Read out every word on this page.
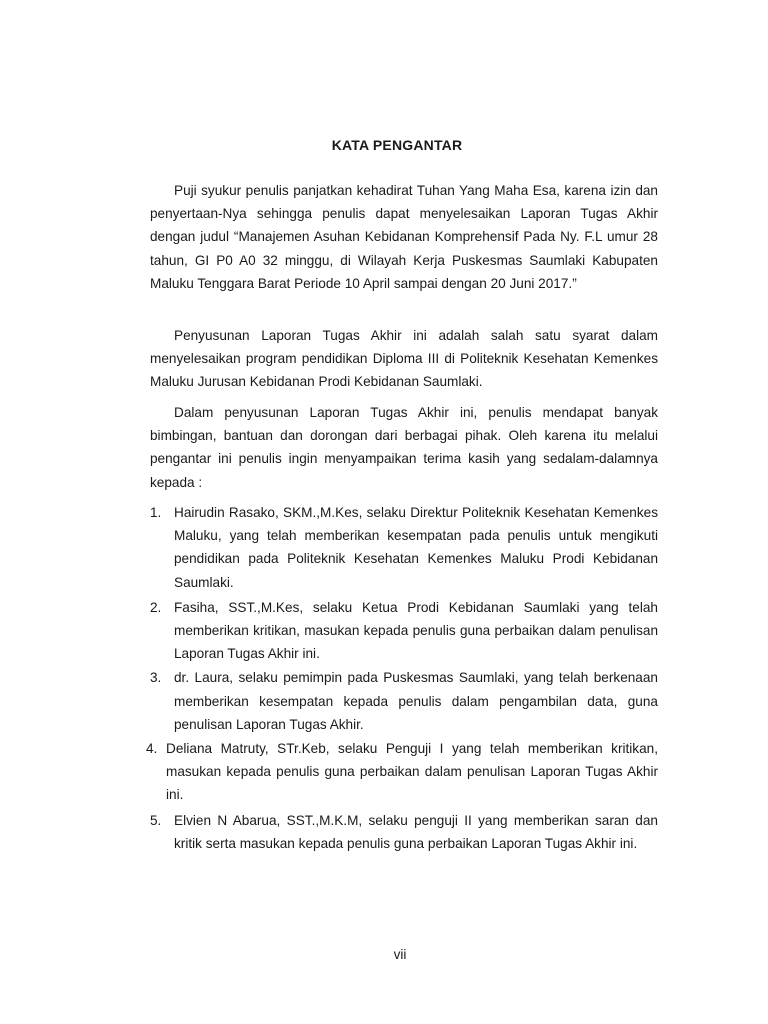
KATA PENGANTAR

Puji syukur penulis panjatkan kehadirat Tuhan Yang Maha Esa, karena izin dan penyertaan-Nya sehingga penulis dapat menyelesaikan Laporan Tugas Akhir dengan judul “Manajemen Asuhan Kebidanan Komprehensif Pada Ny. F.L umur 28 tahun, GI P0 A0 32 minggu, di Wilayah Kerja Puskesmas Saumlaki Kabupaten Maluku Tenggara Barat Periode 10 April sampai dengan 20 Juni 2017.”

Penyusunan Laporan Tugas Akhir ini adalah salah satu syarat dalam menyelesaikan program pendidikan Diploma III di Politeknik Kesehatan Kemenkes Maluku Jurusan Kebidanan Prodi Kebidanan Saumlaki.

Dalam penyusunan Laporan Tugas Akhir ini, penulis mendapat banyak bimbingan, bantuan dan dorongan dari berbagai pihak. Oleh karena itu melalui pengantar ini penulis ingin menyampaikan terima kasih yang sedalam-dalamnya kepada :

1. Hairudin Rasako, SKM.,M.Kes, selaku Direktur Politeknik Kesehatan Kemenkes Maluku, yang telah memberikan kesempatan pada penulis untuk mengikuti pendidikan pada Politeknik Kesehatan Kemenkes Maluku Prodi Kebidanan Saumlaki.
2. Fasiha, SST.,M.Kes, selaku Ketua Prodi Kebidanan Saumlaki yang telah memberikan kritikan, masukan kepada penulis guna perbaikan dalam penulisan Laporan Tugas Akhir ini.
3. dr. Laura, selaku pemimpin pada Puskesmas Saumlaki, yang telah berkenaan memberikan kesempatan kepada penulis dalam pengambilan data, guna penulisan Laporan Tugas Akhir.
4. Deliana Matruty, STr.Keb, selaku Penguji I yang telah memberikan kritikan, masukan kepada penulis guna perbaikan dalam penulisan Laporan Tugas Akhir ini.
5. Elvien N Abarua, SST.,M.K.M, selaku penguji II yang memberikan saran dan kritik serta masukan kepada penulis guna perbaikan Laporan Tugas Akhir ini.
vii
